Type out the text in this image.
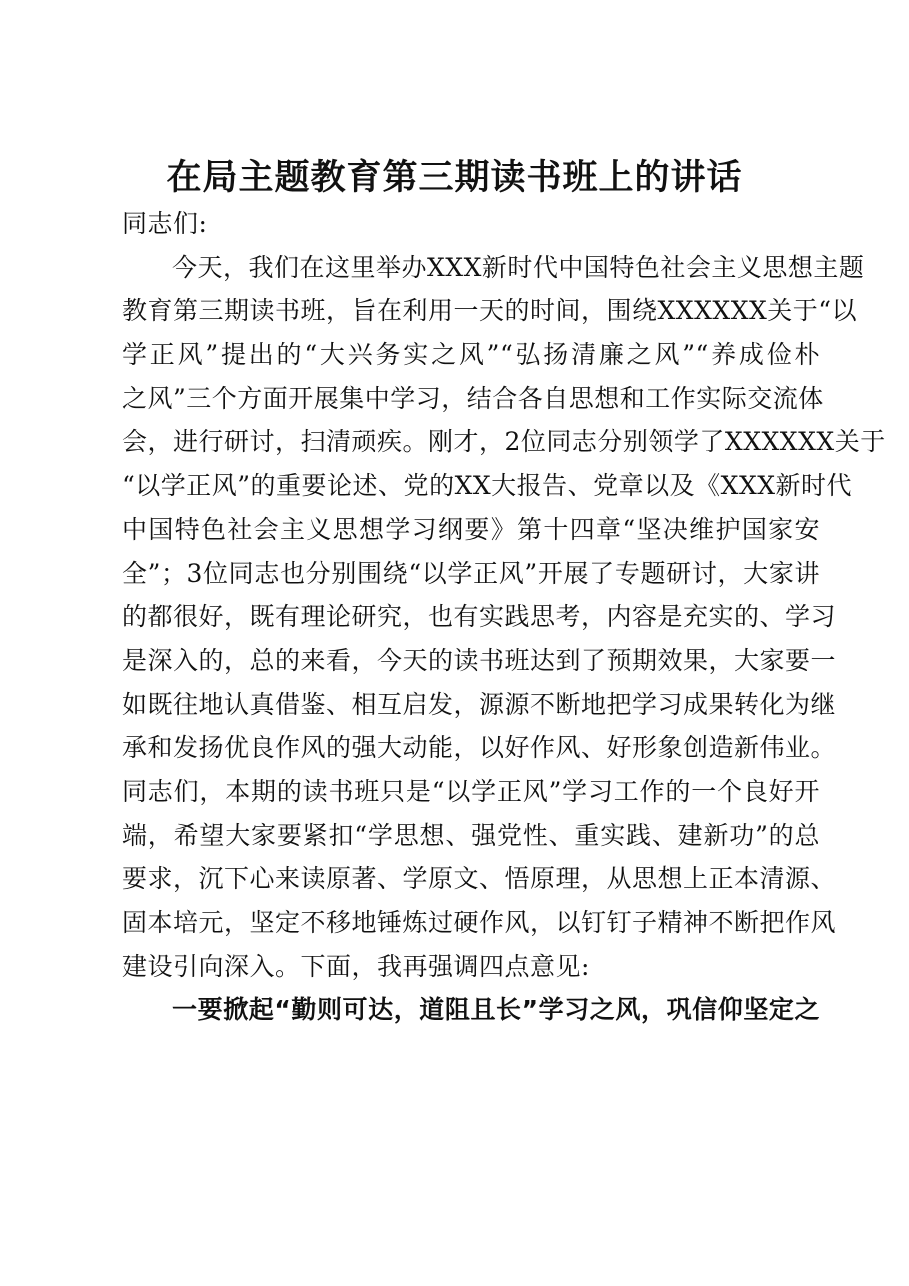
在局主题教育第三期读书班上的讲话
同志们:
今天，我们在这里举办XXX新时代中国特色社会主义思想主题
教育第三期读书班，旨在利用一天的时间，围绕XXXXXX关于“以
学正风”提出的“大兴务实之风”“弘扬清廉之风”“养成俭朴
之风”三个方面开展集中学习，结合各自思想和工作实际交流体
会，进行研讨，扫清顽疾。刚才，2位同志分别领学了XXXXXX关于
“以学正风”的重要论述、党的XX大报告、党章以及《XXX新时代
中国特色社会主义思想学习纲要》第十四章“坚决维护国家安
全”；3位同志也分别围绕“以学正风”开展了专题研讨，大家讲
的都很好，既有理论研究，也有实践思考，内容是充实的、学习
是深入的，总的来看，今天的读书班达到了预期效果，大家要一
如既往地认真借鉴、相互启发，源源不断地把学习成果转化为继
承和发扬优良作风的强大动能，以好作风、好形象创造新伟业。
同志们，本期的读书班只是“以学正风”学习工作的一个良好开
端，希望大家要紧扣“学思想、强党性、重实践、建新功”的总
要求，沉下心来读原著、学原文、悟原理，从思想上正本清源、
固本培元，坚定不移地锤炼过硬作风，以钉钉子精神不断把作风
建设引向深入。下面，我再强调四点意见:
一要掀起“勤则可达，道阻且长”学习之风，巩信仰坚定之
